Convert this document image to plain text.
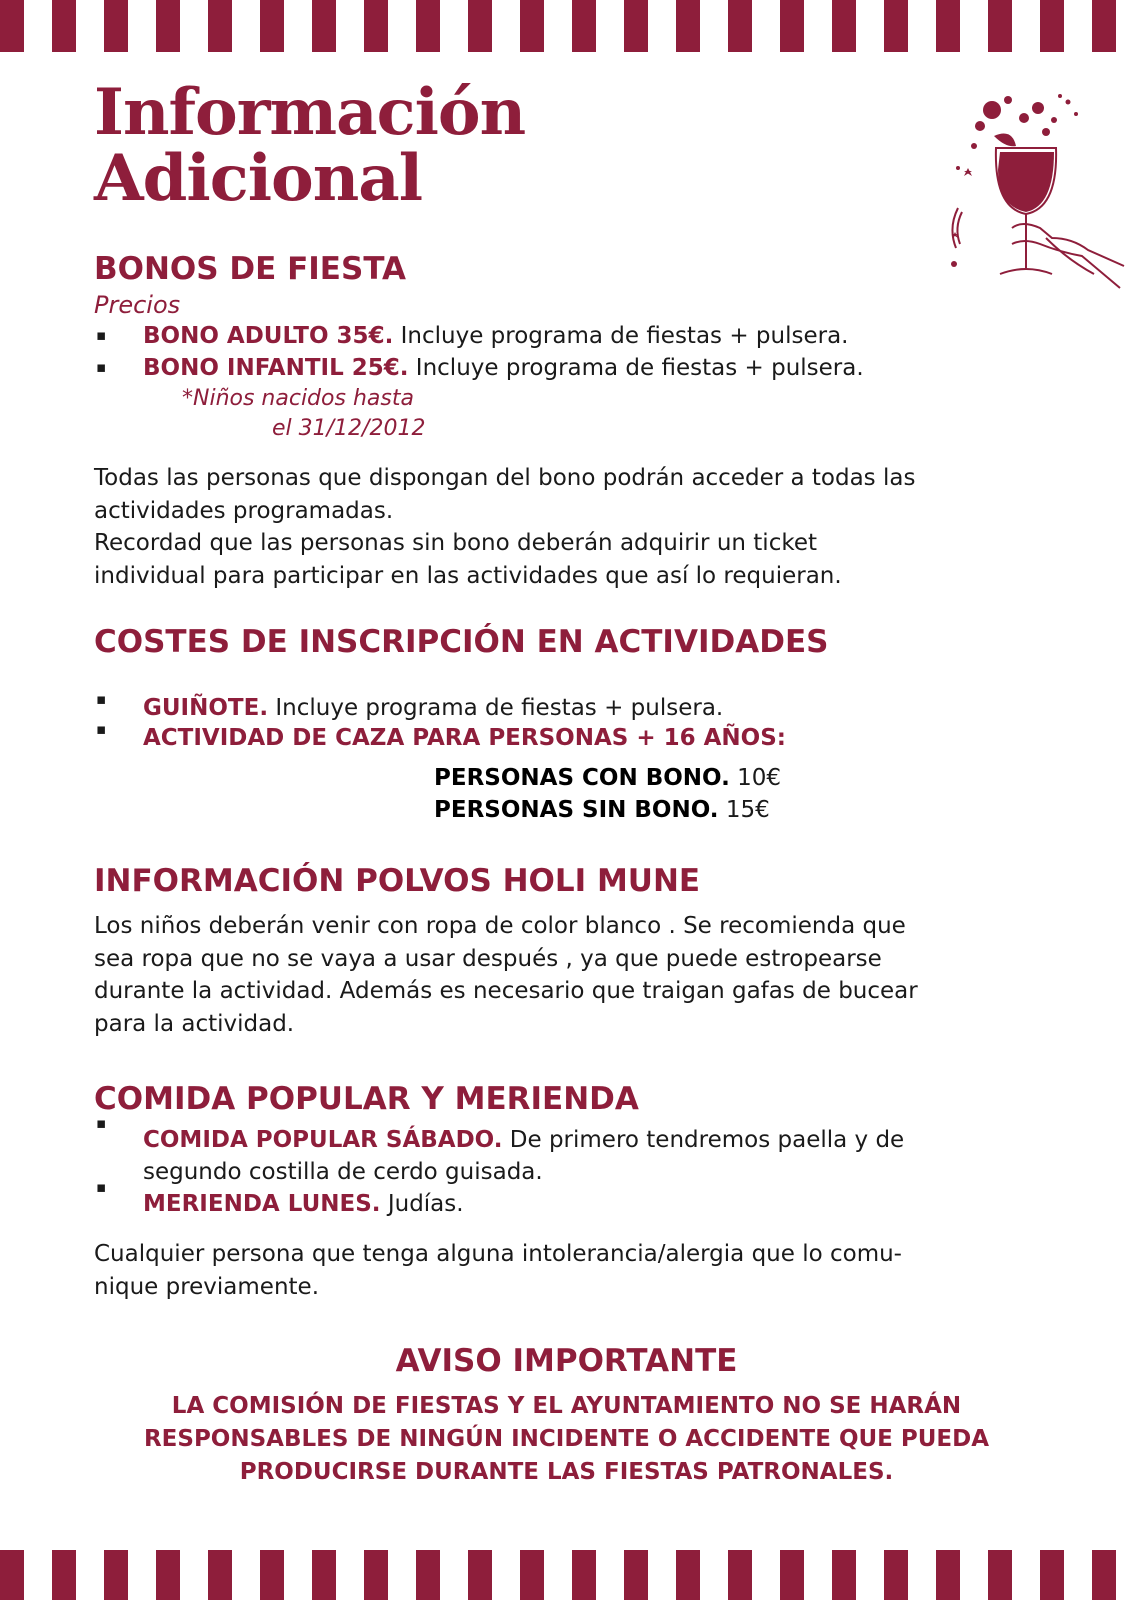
Información
Adicional
BONOS DE FIESTA
Precios
▪ BONO ADULTO 35€. Incluye programa de fiestas + pulsera.
▪ BONO INFANTIL 25€. Incluye programa de fiestas + pulsera.
*Niños nacidos hasta
el 31/12/2012
Todas las personas que dispongan del bono podrán acceder a todas las
actividades programadas.
Recordad que las personas sin bono deberán adquirir un ticket
individual para participar en las actividades que así lo requieran.
COSTES DE INSCRIPCIÓN EN ACTIVIDADES
▪ GUIÑOTE. Incluye programa de fiestas + pulsera.
▪ ACTIVIDAD DE CAZA PARA PERSONAS + 16 AÑOS:
PERSONAS CON BONO. 10€
PERSONAS SIN BONO. 15€
INFORMACIÓN POLVOS HOLI MUNE
Los niños deberán venir con ropa de color blanco . Se recomienda que
sea ropa que no se vaya a usar después , ya que puede estropearse
durante la actividad. Además es necesario que traigan gafas de bucear
para la actividad.
COMIDA POPULAR Y MERIENDA
▪
COMIDA POPULAR SÁBADO. De primero tendremos paella y de
segundo costilla de cerdo guisada.
▪
MERIENDA LUNES. Judías.
Cualquier persona que tenga alguna intolerancia/alergia que lo comu-
nique previamente.
AVISO IMPORTANTE
LA COMISIÓN DE FIESTAS Y EL AYUNTAMIENTO NO SE HARÁN
RESPONSABLES DE NINGÚN INCIDENTE O ACCIDENTE QUE PUEDA
PRODUCIRSE DURANTE LAS FIESTAS PATRONALES.
